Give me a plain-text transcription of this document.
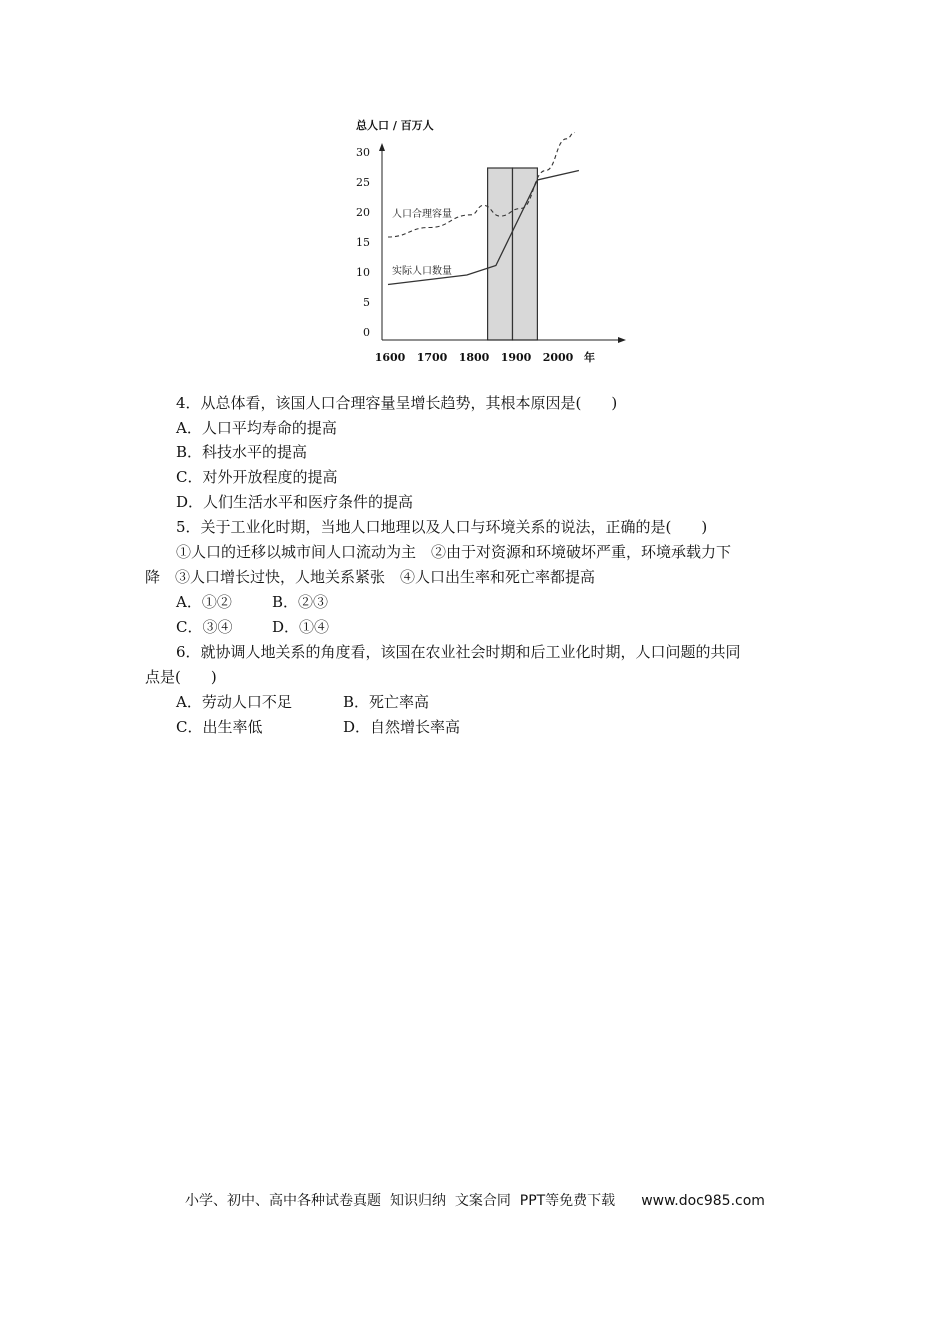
总人口 / 百万人
30
25
20
15
10
5
0
1600 1700 1800 1900 2000 年
人口合理容量
实际人口数量
4．从总体看，该国人口合理容量呈增长趋势，其根本原因是(　　)
A．人口平均寿命的提高
B．科技水平的提高
C．对外开放程度的提高
D．人们生活水平和医疗条件的提高
5．关于工业化时期，当地人口地理以及人口与环境关系的说法，正确的是(　　)
①人口的迁移以城市间人口流动为主　②由于对资源和环境破坏严重，环境承载力下
降　③人口增长过快，人地关系紧张　④人口出生率和死亡率都提高
A．①②	B．②③
C．③④	D．①④
6．就协调人地关系的角度看，该国在农业社会时期和后工业化时期，人口问题的共同
点是(　　)
A．劳动人口不足	B．死亡率高
C．出生率低	D．自然增长率高
小学、初中、高中各种试卷真题  知识归纳  文案合同  PPT等免费下载 www.doc985.com
